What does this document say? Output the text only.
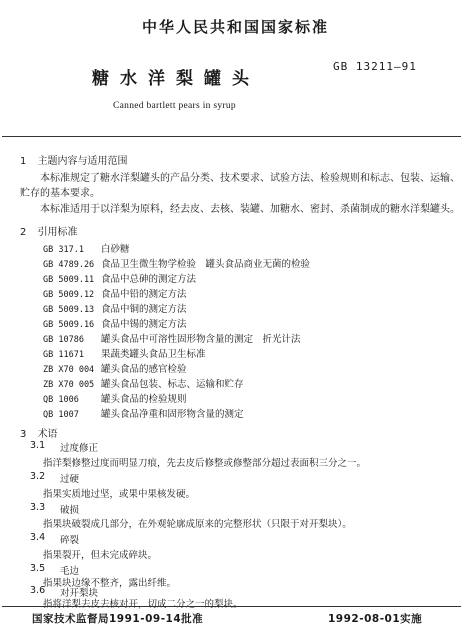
中华人民共和国国家标准
GB 13211—91
糖水洋梨罐头
Canned bartlett pears in syrup
1 主题内容与适用范围
本标准规定了糖水洋梨罐头的产品分类、技术要求、试验方法、检验规则和标志、包装、运输、贮存的基本要求。
本标准适用于以洋梨为原料，经去皮、去核、装罐、加糖水、密封、杀菌制成的糖水洋梨罐头。
2 引用标准
GB 317.1 白砂糖
GB 4789.26 食品卫生微生物学检验　罐头食品商业无菌的检验
GB 5009.11 食品中总砷的测定方法
GB 5009.12 食品中铅的测定方法
GB 5009.13 食品中铜的测定方法
GB 5009.16 食品中锡的测定方法
GB 10786 罐头食品中可溶性固形物含量的测定　折光计法
GB 11671 果蔬类罐头食品卫生标准
ZB X70 004 罐头食品的感官检验
ZB X70 005 罐头食品包装、标志、运输和贮存
QB 1006 罐头食品的检验规则
QB 1007 罐头食品净重和固形物含量的测定
3 术语
3.1 过度修正
指洋梨修整过度而明显刀痕，先去皮后修整或修整部分超过表面积三分之一。
3.2 过硬
指果实质地过坚，或果中果核发硬。
3.3 破损
指果块破裂成几部分，在外观轮廓成原来的完整形状（只限于对开梨块）。
3.4 碎裂
指果裂开，但未完成碎块。
3.5 毛边
指果块边缘不整齐，露出纤维。
3.6 对开梨块
指将洋梨去皮去核对开，切成二分之一的梨块。
国家技术监督局1991-09-14批准	1992-08-01实施
